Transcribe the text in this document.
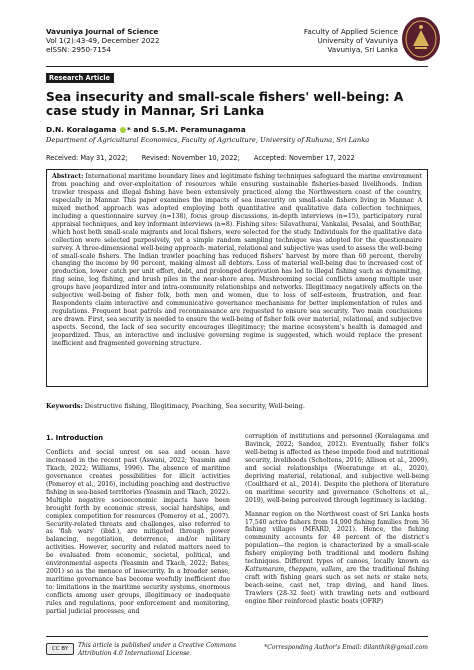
Vavuniya Journal of Science
Vol 1(2):43-49, December 2022
eISSN: 2950-7154
Faculty of Applied Science
University of Vavuniya
Vavuniya, Sri Lanka
Research Article
Sea insecurity and small-scale fishers' well-being: A case study in Mannar, Sri Lanka
D.N. Koralagama * and S.S.M. Peramunagama
Department of Agricultural Economics, Faculty of Agriculture, University of Ruhuna, Sri Lanka
Received: May 31, 2022; Revised: November 10, 2022; Accepted: November 17, 2022
Abstract: International maritime boundary lines and legitimate fishing techniques safeguard the marine environment from poaching and over-exploitation of resources while ensuring sustainable fisheries-based livelihoods. Indian trawler trespass and illegal fishing have been extensively practiced along the Northwestern coast of the country, especially in Mannar. This paper examines the impacts of sea insecurity on small-scale fishers living in Mannar. A mixed method approach was adopted employing both quantitative and qualitative data collection techniques, including a questionnaire survey (n=138), focus group discussions, in-depth interviews (n=15), participatory rural appraisal techniques, and key informant interviews (n=8). Fishing sites: Silavathurai, Vankalai, Pesalai, and SouthBar, which host both small-scale migrants and local fishers, were selected for the study. Individuals for the qualitative data collection were selected purposively, yet a simple random sampling technique was adopted for the questionnaire survey. A three-dimensional well-being approach- material, relational and subjective was used to assess the well-being of small-scale fishers. The Indian trawler poaching has reduced fishers' harvest by more than 60 percent, thereby changing the income by 90 percent, making almost all debtors. Loss of material well-being due to increased cost of production, lower catch per unit effort, debt, and prolonged deprivation has led to illegal fishing such as dynamiting, ring seine, log fishing, and brush piles in the near-shore area. Mushrooming social conflicts among multiple user groups have jeopardized inter and intra-community relationships and networks. Illegitimacy negatively affects on the subjective well-being of fisher folk, both men and women, due to loss of self-esteem, frustration, and fear. Respondents claim interactive and communicative governance mechanisms for better implementation of rules and regulations. Frequent boat patrols and reconnaissance are requested to ensure sea security. Two main conclusions are drawn. First, sea security is needed to ensure the well-being of fisher folk over material, relational, and subjective aspects. Second, the lack of sea security encourages illegitimacy; the marine ecosystem's health is damaged and jeopardized. Thus, an interactive and inclusive governing regime is suggested, which would replace the present inefficient and fragmented governing structure.
Keywords: Destructive fishing, Illegitimacy, Poaching, Sea security, Well-being.
1. Introduction

Conflicts and social unrest on sea and ocean have increased in the recent past (Aswani, 2022; Yeasmin and Tkach, 2022; Williams, 1996). The absence of maritime governance creates possibilities for illicit activities (Pomeroy et al., 2016), including poaching and destructive fishing in sea-based territories (Yeasmin and Tkach, 2022). Multiple negative socioeconomic impacts have been brought forth by economic stress, social hardships, and complex competition for resources (Pomeroy et al., 2007). Security-related threats and challenges, also referred to as 'fish wars' (ibid.), are mitigated through power balancing, negotiation, deterrence, and/or military activities. However, security and related matters need to be evaluated from economic, societal, political, and environmental aspects (Yeasmin and Tkach, 2022; Bates, 2001) so as the menace of insecurity. In a broader sense, maritime governance has become woefully inefficient due to: limitations in the maritime security systems, enormous conflicts among user groups, illegitimacy or inadequate rules and regulations, poor enforcement and monitoring, partial judicial processes, and

corruption of institutions and personnel (Koralagama and Bavinck, 2022; Sandoz, 2012). Eventually, fisher folk's well-being is affected as these impede food and nutritional security, livelihoods (Scholtens, 2016; Allison et al., 2009), and social relationships (Weeratunge et al., 2020), depriving material, relational, and subjective well-being (Coulthard et al., 2014). Despite the plethora of literature on maritime security and governance (Scholtens et al., 2019), well-being perceived through legitimacy is lacking.

Mannar region on the Northwest coast of Sri Lanka hosts 17,540 active fishers from 14,990 fishing families from 36 fishing villages (MFARD, 2021). Hence, the fishing community accounts for 48 percent of the district's population—the region is characterized by a small-scale fishery employing both traditional and modern fishing techniques. Different types of canoes, locally known as Kattumaram, theppam, vallam, are the traditional fishing craft with fishing gears such as set nets or stake nets, beach-seine, cast net, trap diving, and hand lines. Trawlers (28-32 feet) with trawling nets and outboard engine fiber reinforced plastic boats (OFRP)

CC BY	This article is published under a Creative Commons
Attribution 4.0 International License.
*Corresponding Author's Email: dilanthik@gmail.com
